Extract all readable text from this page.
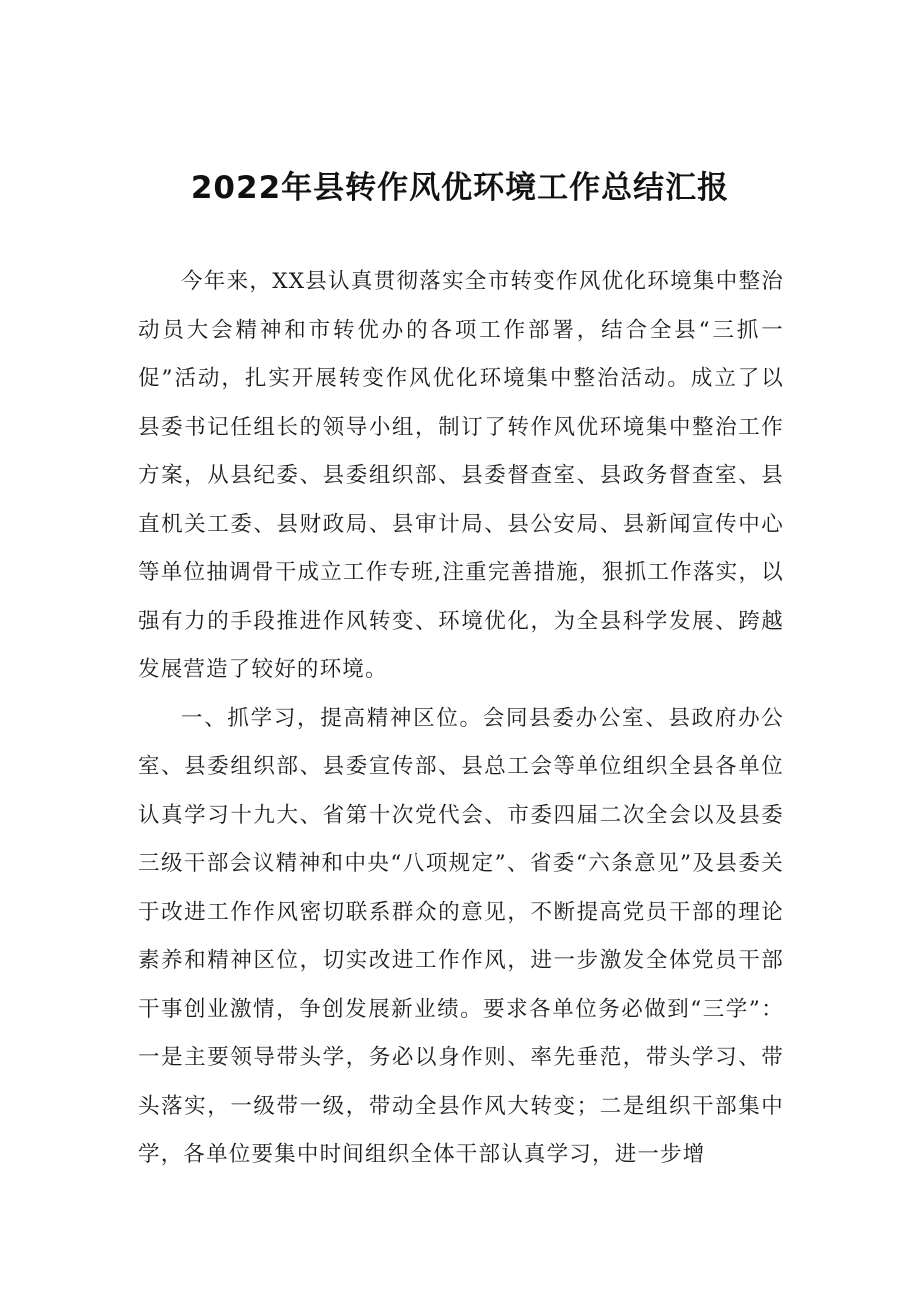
2022年县转作风优环境工作总结汇报

今年来，XX县认真贯彻落实全市转变作风优化环境集中整治动员大会精神和市转优办的各项工作部署，结合全县“三抓一促”活动，扎实开展转变作风优化环境集中整治活动。成立了以县委书记任组长的领导小组，制订了转作风优环境集中整治工作方案，从县纪委、县委组织部、县委督查室、县政务督查室、县直机关工委、县财政局、县审计局、县公安局、县新闻宣传中心等单位抽调骨干成立工作专班,注重完善措施，狠抓工作落实，以强有力的手段推进作风转变、环境优化，为全县科学发展、跨越发展营造了较好的环境。

一、抓学习，提高精神区位。会同县委办公室、县政府办公室、县委组织部、县委宣传部、县总工会等单位组织全县各单位认真学习十九大、省第十次党代会、市委四届二次全会以及县委三级干部会议精神和中央“八项规定”、省委“六条意见”及县委关于改进工作作风密切联系群众的意见，不断提高党员干部的理论素养和精神区位，切实改进工作作风，进一步激发全体党员干部干事创业激情，争创发展新业绩。要求各单位务必做到“三学”：一是主要领导带头学，务必以身作则、率先垂范，带头学习、带头落实，一级带一级，带动全县作风大转变；二是组织干部集中学，各单位要集中时间组织全体干部认真学习，进一步增
